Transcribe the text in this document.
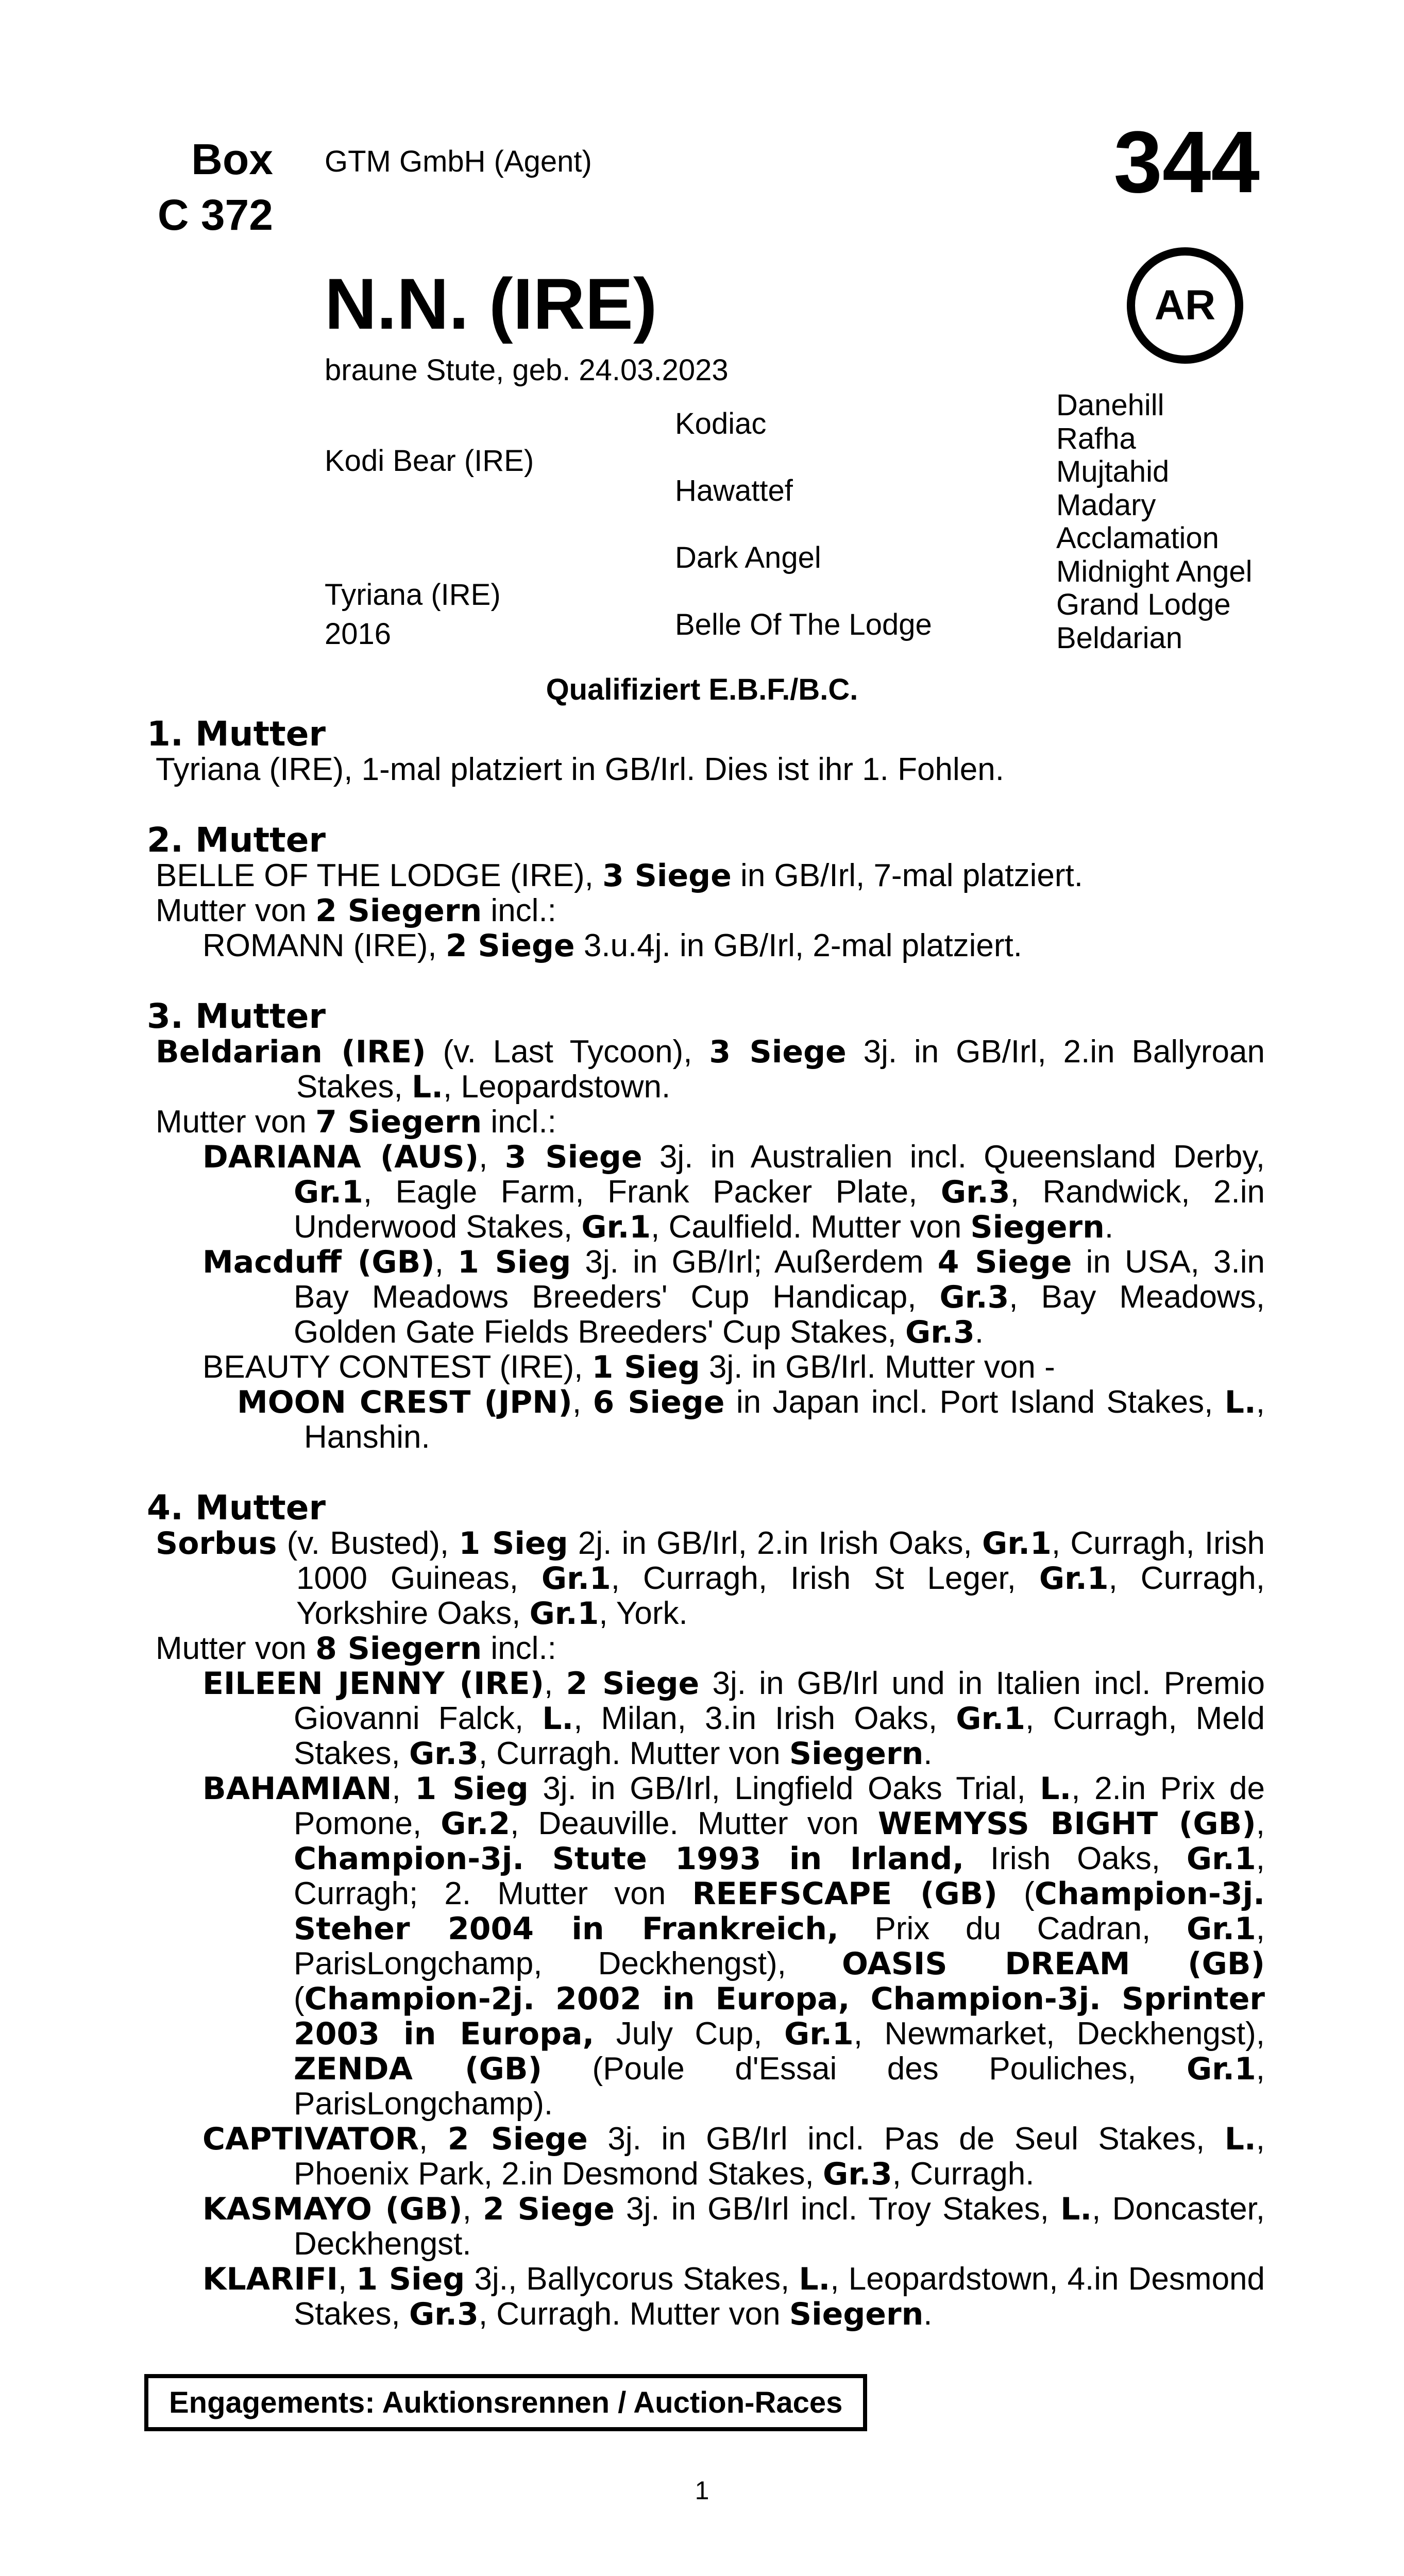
Box
C 372
GTM GmbH (Agent)	344
AR
N.N. (IRE)
braune Stute, geb. 24.03.2023
Kodi Bear (IRE)
Tyriana (IRE)
2016
Kodiac
Hawattef
Dark Angel
Belle Of The Lodge
Danehill
Rafha
Mujtahid
Madary
Acclamation
Midnight Angel
Grand Lodge
Beldarian
Qualifiziert E.B.F./B.C.
1. Mutter
Tyriana (IRE), 1-mal platziert in GB/Irl. Dies ist ihr 1. Fohlen.
2. Mutter
BELLE OF THE LODGE (IRE), 3 Siege in GB/Irl, 7-mal platziert.
Mutter von 2 Siegern incl.:
ROMANN (IRE), 2 Siege 3.u.4j. in GB/Irl, 2-mal platziert.
3. Mutter
Beldarian (IRE) (v. Last Tycoon), 3 Siege 3j. in GB/Irl, 2.in Ballyroan Stakes, L., Leopardstown.
Mutter von 7 Siegern incl.:
DARIANA (AUS), 3 Siege 3j. in Australien incl. Queensland Derby, Gr.1, Eagle Farm, Frank Packer Plate, Gr.3, Randwick, 2.in Underwood Stakes, Gr.1, Caulfield. Mutter von Siegern.
Macduff (GB), 1 Sieg 3j. in GB/Irl; Außerdem 4 Siege in USA, 3.in Bay Meadows Breeders' Cup Handicap, Gr.3, Bay Meadows, Golden Gate Fields Breeders' Cup Stakes, Gr.3.
BEAUTY CONTEST (IRE), 1 Sieg 3j. in GB/Irl. Mutter von -
MOON CREST (JPN), 6 Siege in Japan incl. Port Island Stakes, L., Hanshin.
4. Mutter
Sorbus (v. Busted), 1 Sieg 2j. in GB/Irl, 2.in Irish Oaks, Gr.1, Curragh, Irish 1000 Guineas, Gr.1, Curragh, Irish St Leger, Gr.1, Curragh, Yorkshire Oaks, Gr.1, York.
Mutter von 8 Siegern incl.:
EILEEN JENNY (IRE), 2 Siege 3j. in GB/Irl und in Italien incl. Premio Giovanni Falck, L., Milan, 3.in Irish Oaks, Gr.1, Curragh, Meld Stakes, Gr.3, Curragh. Mutter von Siegern.
BAHAMIAN, 1 Sieg 3j. in GB/Irl, Lingfield Oaks Trial, L., 2.in Prix de Pomone, Gr.2, Deauville. Mutter von WEMYSS BIGHT (GB), Champion-3j. Stute 1993 in Irland, Irish Oaks, Gr.1, Curragh; 2. Mutter von REEFSCAPE (GB) (Champion-3j. Steher 2004 in Frankreich, Prix du Cadran, Gr.1, ParisLongchamp, Deckhengst), OASIS DREAM (GB) (Champion-2j. 2002 in Europa, Champion-3j. Sprinter 2003 in Europa, July Cup, Gr.1, Newmarket, Deckhengst), ZENDA (GB) (Poule d'Essai des Pouliches, Gr.1, ParisLongchamp).
CAPTIVATOR, 2 Siege 3j. in GB/Irl incl. Pas de Seul Stakes, L., Phoenix Park, 2.in Desmond Stakes, Gr.3, Curragh.
KASMAYO (GB), 2 Siege 3j. in GB/Irl incl. Troy Stakes, L., Doncaster, Deckhengst.
KLARIFI, 1 Sieg 3j., Ballycorus Stakes, L., Leopardstown, 4.in Desmond Stakes, Gr.3, Curragh. Mutter von Siegern.
Engagements: Auktionsrennen / Auction-Races
1
